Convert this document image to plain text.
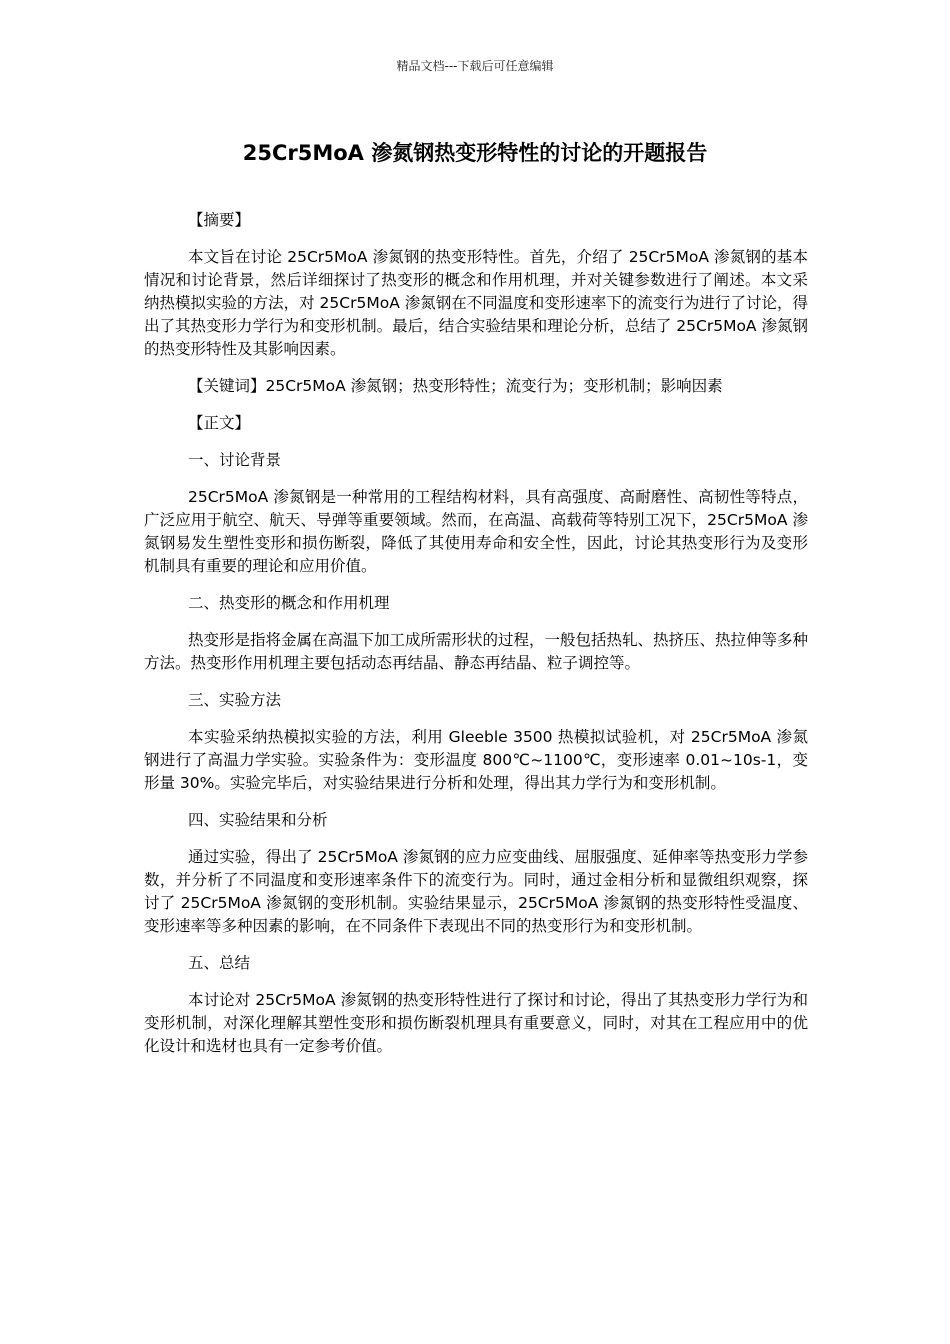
精品文档---下载后可任意编辑
25Cr5MoA 渗氮钢热变形特性的讨论的开题报告

【摘要】

本文旨在讨论 25Cr5MoA 渗氮钢的热变形特性。首先，介绍了 25Cr5MoA 渗氮钢的基本情况和讨论背景，然后详细探讨了热变形的概念和作用机理，并对关键参数进行了阐述。本文采纳热模拟实验的方法，对 25Cr5MoA 渗氮钢在不同温度和变形速率下的流变行为进行了讨论，得出了其热变形力学行为和变形机制。最后，结合实验结果和理论分析，总结了 25Cr5MoA 渗氮钢的热变形特性及其影响因素。

【关键词】25Cr5MoA 渗氮钢；热变形特性；流变行为；变形机制；影响因素

【正文】

一、讨论背景

25Cr5MoA 渗氮钢是一种常用的工程结构材料，具有高强度、高耐磨性、高韧性等特点，广泛应用于航空、航天、导弹等重要领域。然而，在高温、高载荷等特别工况下，25Cr5MoA 渗氮钢易发生塑性变形和损伤断裂，降低了其使用寿命和安全性，因此，讨论其热变形行为及变形机制具有重要的理论和应用价值。

二、热变形的概念和作用机理

热变形是指将金属在高温下加工成所需形状的过程，一般包括热轧、热挤压、热拉伸等多种方法。热变形作用机理主要包括动态再结晶、静态再结晶、粒子调控等。

三、实验方法

本实验采纳热模拟实验的方法，利用 Gleeble 3500 热模拟试验机，对 25Cr5MoA 渗氮钢进行了高温力学实验。实验条件为：变形温度 800℃~1100℃，变形速率 0.01~10s-1，变形量 30%。实验完毕后，对实验结果进行分析和处理，得出其力学行为和变形机制。

四、实验结果和分析

通过实验，得出了 25Cr5MoA 渗氮钢的应力应变曲线、屈服强度、延伸率等热变形力学参数，并分析了不同温度和变形速率条件下的流变行为。同时，通过金相分析和显微组织观察，探讨了 25Cr5MoA 渗氮钢的变形机制。实验结果显示，25Cr5MoA 渗氮钢的热变形特性受温度、变形速率等多种因素的影响，在不同条件下表现出不同的热变形行为和变形机制。

五、总结

本讨论对 25Cr5MoA 渗氮钢的热变形特性进行了探讨和讨论，得出了其热变形力学行为和变形机制，对深化理解其塑性变形和损伤断裂机理具有重要意义，同时，对其在工程应用中的优化设计和选材也具有一定参考价值。
